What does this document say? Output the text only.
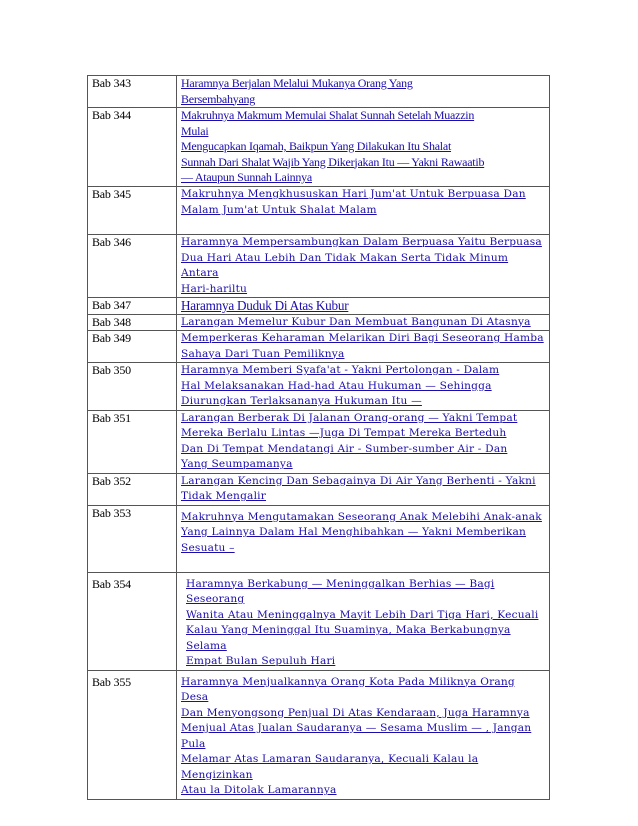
Bab 343	Haramnya Berjalan Melalui Mukanya Orang Yang
Bersembahyang

Bab 344	Makruhnya Makmum Memulai Shalat Sunnah Setelah Muazzin
Mulai
Mengucapkan Iqamah, Baikpun Yang Dilakukan Itu Shalat
Sunnah Dari Shalat Wajib Yang Dikerjakan Itu — Yakni Rawaatib
— Ataupun Sunnah Lainnya

Bab 345	Makruhnya Mengkhususkan Hari Jum'at Untuk Berpuasa Dan
Malam Jum'at Untuk Shalat Malam

Bab 346	Haramnya Mempersambungkan Dalam Berpuasa Yaitu Berpuasa
Dua Hari Atau Lebih Dan Tidak Makan Serta Tidak Minum Antara
Hari-hariltu

Bab 347	Haramnya Duduk Di Atas Kubur

Bab 348	Larangan Memelur Kubur Dan Membuat Bangunan Di Atasnya

Bab 349	Memperkeras Keharaman Melarikan Diri Bagi Seseorang Hamba
Sahaya Dari Tuan Pemiliknya

Bab 350	Haramnya Memberi Syafa'at - Yakni Pertolongan - Dalam
Hal Melaksanakan Had-had Atau Hukuman — Sehingga
Diurungkan Terlaksananya Hukuman Itu —

Bab 351	Larangan Berberak Di Jalanan Orang-orang — Yakni Tempat
Mereka Berlalu Lintas —Juga Di Tempat Mereka Berteduh
Dan Di Tempat Mendatangi Air - Sumber-sumber Air - Dan
Yang Seumpamanya

Bab 352	Larangan Kencing Dan Sebagainya Di Air Yang Berhenti - Yakni
Tidak Mengalir

Bab 353	Makruhnya Mengutamakan Seseorang Anak Melebihi Anak-anak
Yang Lainnya Dalam Hal Menghibahkan — Yakni Memberikan
Sesuatu –

Bab 354	Haramnya Berkabung — Meninggalkan Berhias — Bagi Seseorang
Wanita Atau Meninggalnya Mayit Lebih Dari Tiga Hari, Kecuali
Kalau Yang Meninggal Itu Suaminya, Maka Berkabungnya Selama
Empat Bulan Sepuluh Hari

Bab 355	Haramnya Menjualkannya Orang Kota Pada Miliknya Orang Desa
Dan Menyongsong Penjual Di Atas Kendaraan, Juga Haramnya
Menjual Atas Jualan Saudaranya — Sesama Muslim — , Jangan Pula
Melamar Atas Lamaran Saudaranya, Kecuali Kalau la Mengizinkan
Atau la Ditolak Lamarannya
